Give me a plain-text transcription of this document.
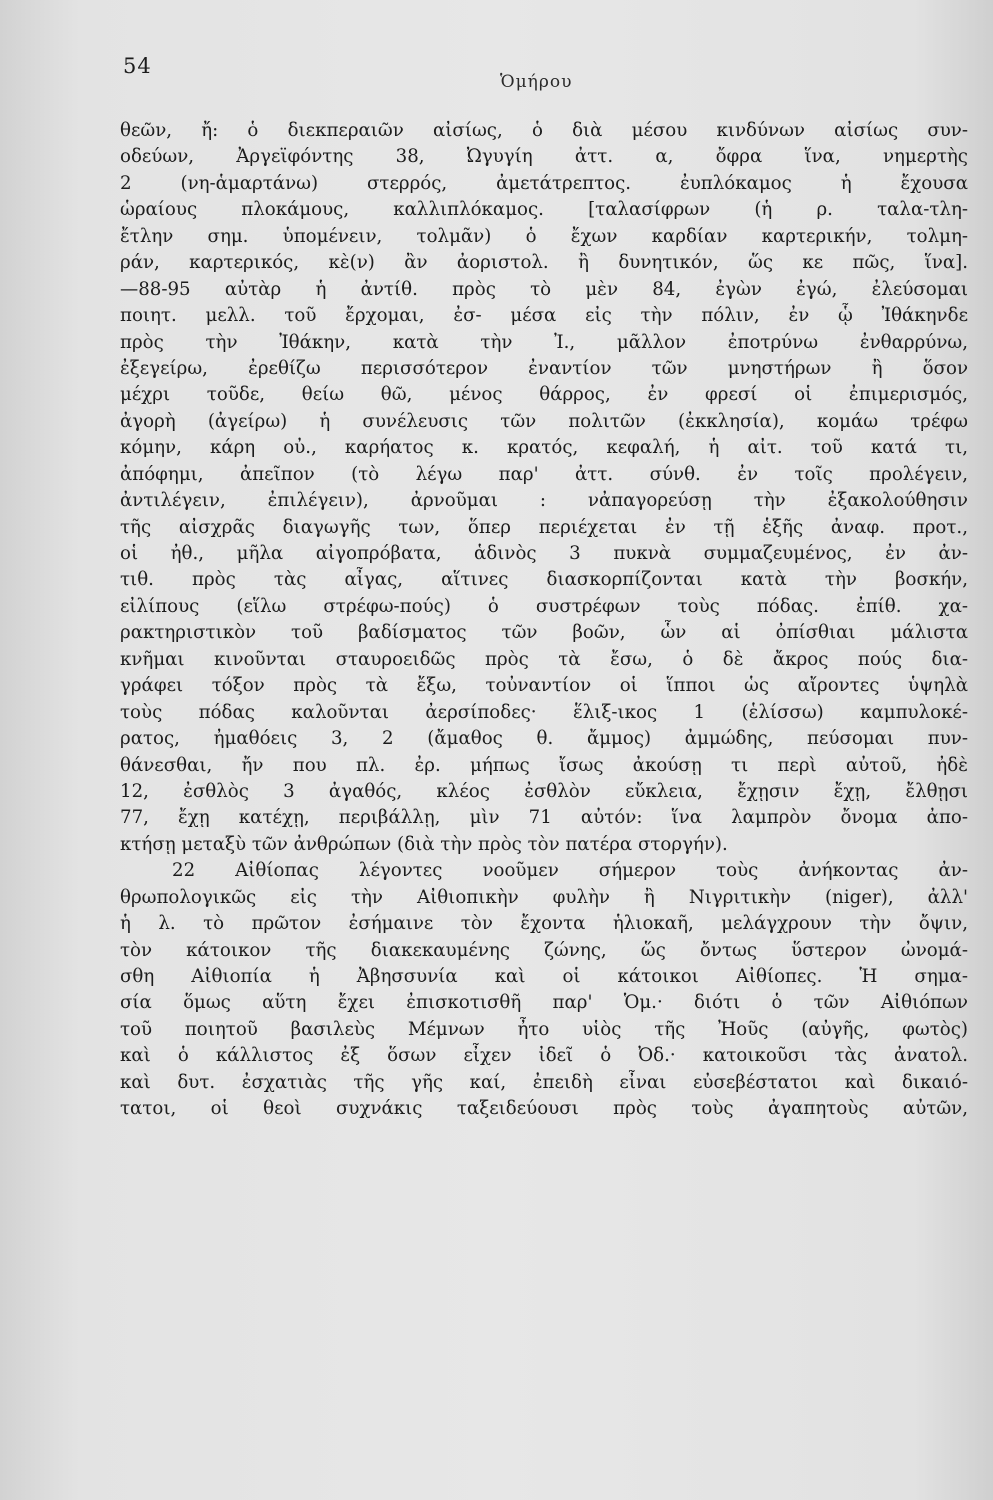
54
Ὁμήρου
θεῶν, ἤ: ὁ διεκπεραιῶν αἰσίως, ὁ διὰ μέσου κινδύνων αἰσίως συν-
οδεύων, Ἀργεϊφόντης 38, Ὠγυγίη ἀττ. α, ὄφρα ἵνα, νημερτὴς
2 (νη-ἁμαρτάνω) στερρός, ἀμετάτρεπτος. ἐυπλόκαμος ἡ ἔχουσα
ὡραίους πλοκάμους, καλλιπλόκαμος. [ταλασίφρων (ἡ ρ. ταλα-τλη-
ἔτλην σημ. ὑπομένειν, τολμᾶν) ὁ ἔχων καρδίαν καρτερικήν, τολμη-
ράν, καρτερικός, κὲ(ν) ἂν ἀοριστολ. ἢ δυνητικόν, ὥς κε πῶς, ἵνα].
—88-95 αὐτὰρ ἡ ἀντίθ. πρὸς τὸ μὲν 84, ἐγὼν ἐγώ, ἐλεύσομαι
ποιητ. μελλ. τοῦ ἔρχομαι, ἐσ- μέσα εἰς τὴν πόλιν, ἐν ᾧ Ἰθάκηνδε
πρὸς τὴν Ἰθάκην, κατὰ τὴν Ἰ., μᾶλλον ἐποτρύνω ἐνθαρρύνω,
ἐξεγείρω, ἐρεθίζω περισσότερον ἐναντίον τῶν μνηστήρων ἢ ὅσον
μέχρι τοῦδε, θείω θῶ, μένος θάρρος, ἐν φρεσί οἱ ἐπιμερισμός,
ἀγορὴ (ἀγείρω) ἡ συνέλευσις τῶν πολιτῶν (ἐκκλησία), κομάω τρέφω
κόμην, κάρη οὐ., καρήατος κ. κρατός, κεφαλή, ἡ αἰτ. τοῦ κατά τι,
ἀπόφημι, ἀπεῖπον (τὸ λέγω παρ' ἀττ. σύνθ. ἐν τοῖς προλέγειν,
ἀντιλέγειν, ἐπιλέγειν), ἀρνοῦμαι : νἀπαγορεύσῃ τὴν ἐξακολούθησιν
τῆς αἰσχρᾶς διαγωγῆς των, ὅπερ περιέχεται ἐν τῇ ἑξῆς ἀναφ. προτ.,
οἱ ἠθ., μῆλα αἰγοπρόβατα, ἁδινὸς 3 πυκνὰ συμμαζευμένος, ἐν ἀν-
τιθ. πρὸς τὰς αἶγας, αἵτινες διασκορπίζονται κατὰ τὴν βοσκήν,
εἰλίπους (εἵλω στρέφω-πούς) ὁ συστρέφων τοὺς πόδας. ἐπίθ. χα-
ρακτηριστικὸν τοῦ βαδίσματος τῶν βοῶν, ὧν αἱ ὀπίσθιαι μάλιστα
κνῆμαι κινοῦνται σταυροειδῶς πρὸς τὰ ἔσω, ὁ δὲ ἄκρος πούς δια-
γράφει τόξον πρὸς τὰ ἔξω, τοὐναντίον οἱ ἵπποι ὡς αἴροντες ὑψηλὰ
τοὺς πόδας καλοῦνται ἀερσίποδες· ἕλιξ-ικος 1 (ἑλίσσω) καμπυλοκέ-
ρατος, ἠμαθόεις 3, 2 (ἄμαθος θ. ἄμμος) ἀμμώδης, πεύσομαι πυν-
θάνεσθαι, ἤν που πλ. ἐρ. μήπως ἴσως ἀκούσῃ τι περὶ αὐτοῦ, ἠδὲ
12, ἐσθλὸς 3 ἀγαθός, κλέος ἐσθλὸν εὔκλεια, ἔχῃσιν ἔχῃ, ἔλθῃσι
77, ἔχῃ κατέχῃ, περιβάλλῃ, μὶν 71 αὐτόν: ἵνα λαμπρὸν ὄνομα ἀπο-
κτήσῃ μεταξὺ τῶν ἀνθρώπων (διὰ τὴν πρὸς τὸν πατέρα στοργήν).
22 Αἰθίοπας λέγοντες νοοῦμεν σήμερον τοὺς ἀνήκοντας ἀν-
θρωπολογικῶς εἰς τὴν Αἰθιοπικὴν φυλὴν ἢ Νιγριτικὴν (niger), ἀλλ'
ἡ λ. τὸ πρῶτον ἐσήμαινε τὸν ἔχοντα ἡλιοκαῆ, μελάγχρουν τὴν ὄψιν,
τὸν κάτοικον τῆς διακεκαυμένης ζώνης, ὥς ὄντως ὕστερον ὠνομά-
σθη Αἰθιοπία ἡ Ἀβησσυνία καὶ οἱ κάτοικοι Αἰθίοπες. Ἡ σημα-
σία ὅμως αὕτη ἔχει ἐπισκοτισθῆ παρ' Ὁμ.· διότι ὁ τῶν Αἰθιόπων
τοῦ ποιητοῦ βασιλεὺς Μέμνων ἦτο υἱὸς τῆς Ἠοῦς (αὐγῆς, φωτὸς)
καὶ ὁ κάλλιστος ἐξ ὅσων εἶχεν ἰδεῖ ὁ Ὀδ.· κατοικοῦσι τὰς ἀνατολ.
καὶ δυτ. ἐσχατιὰς τῆς γῆς καί, ἐπειδὴ εἶναι εὐσεβέστατοι καὶ δικαιό-
τατοι, οἱ θεοὶ συχνάκις ταξειδεύουσι πρὸς τοὺς ἀγαπητοὺς αὐτῶν,
